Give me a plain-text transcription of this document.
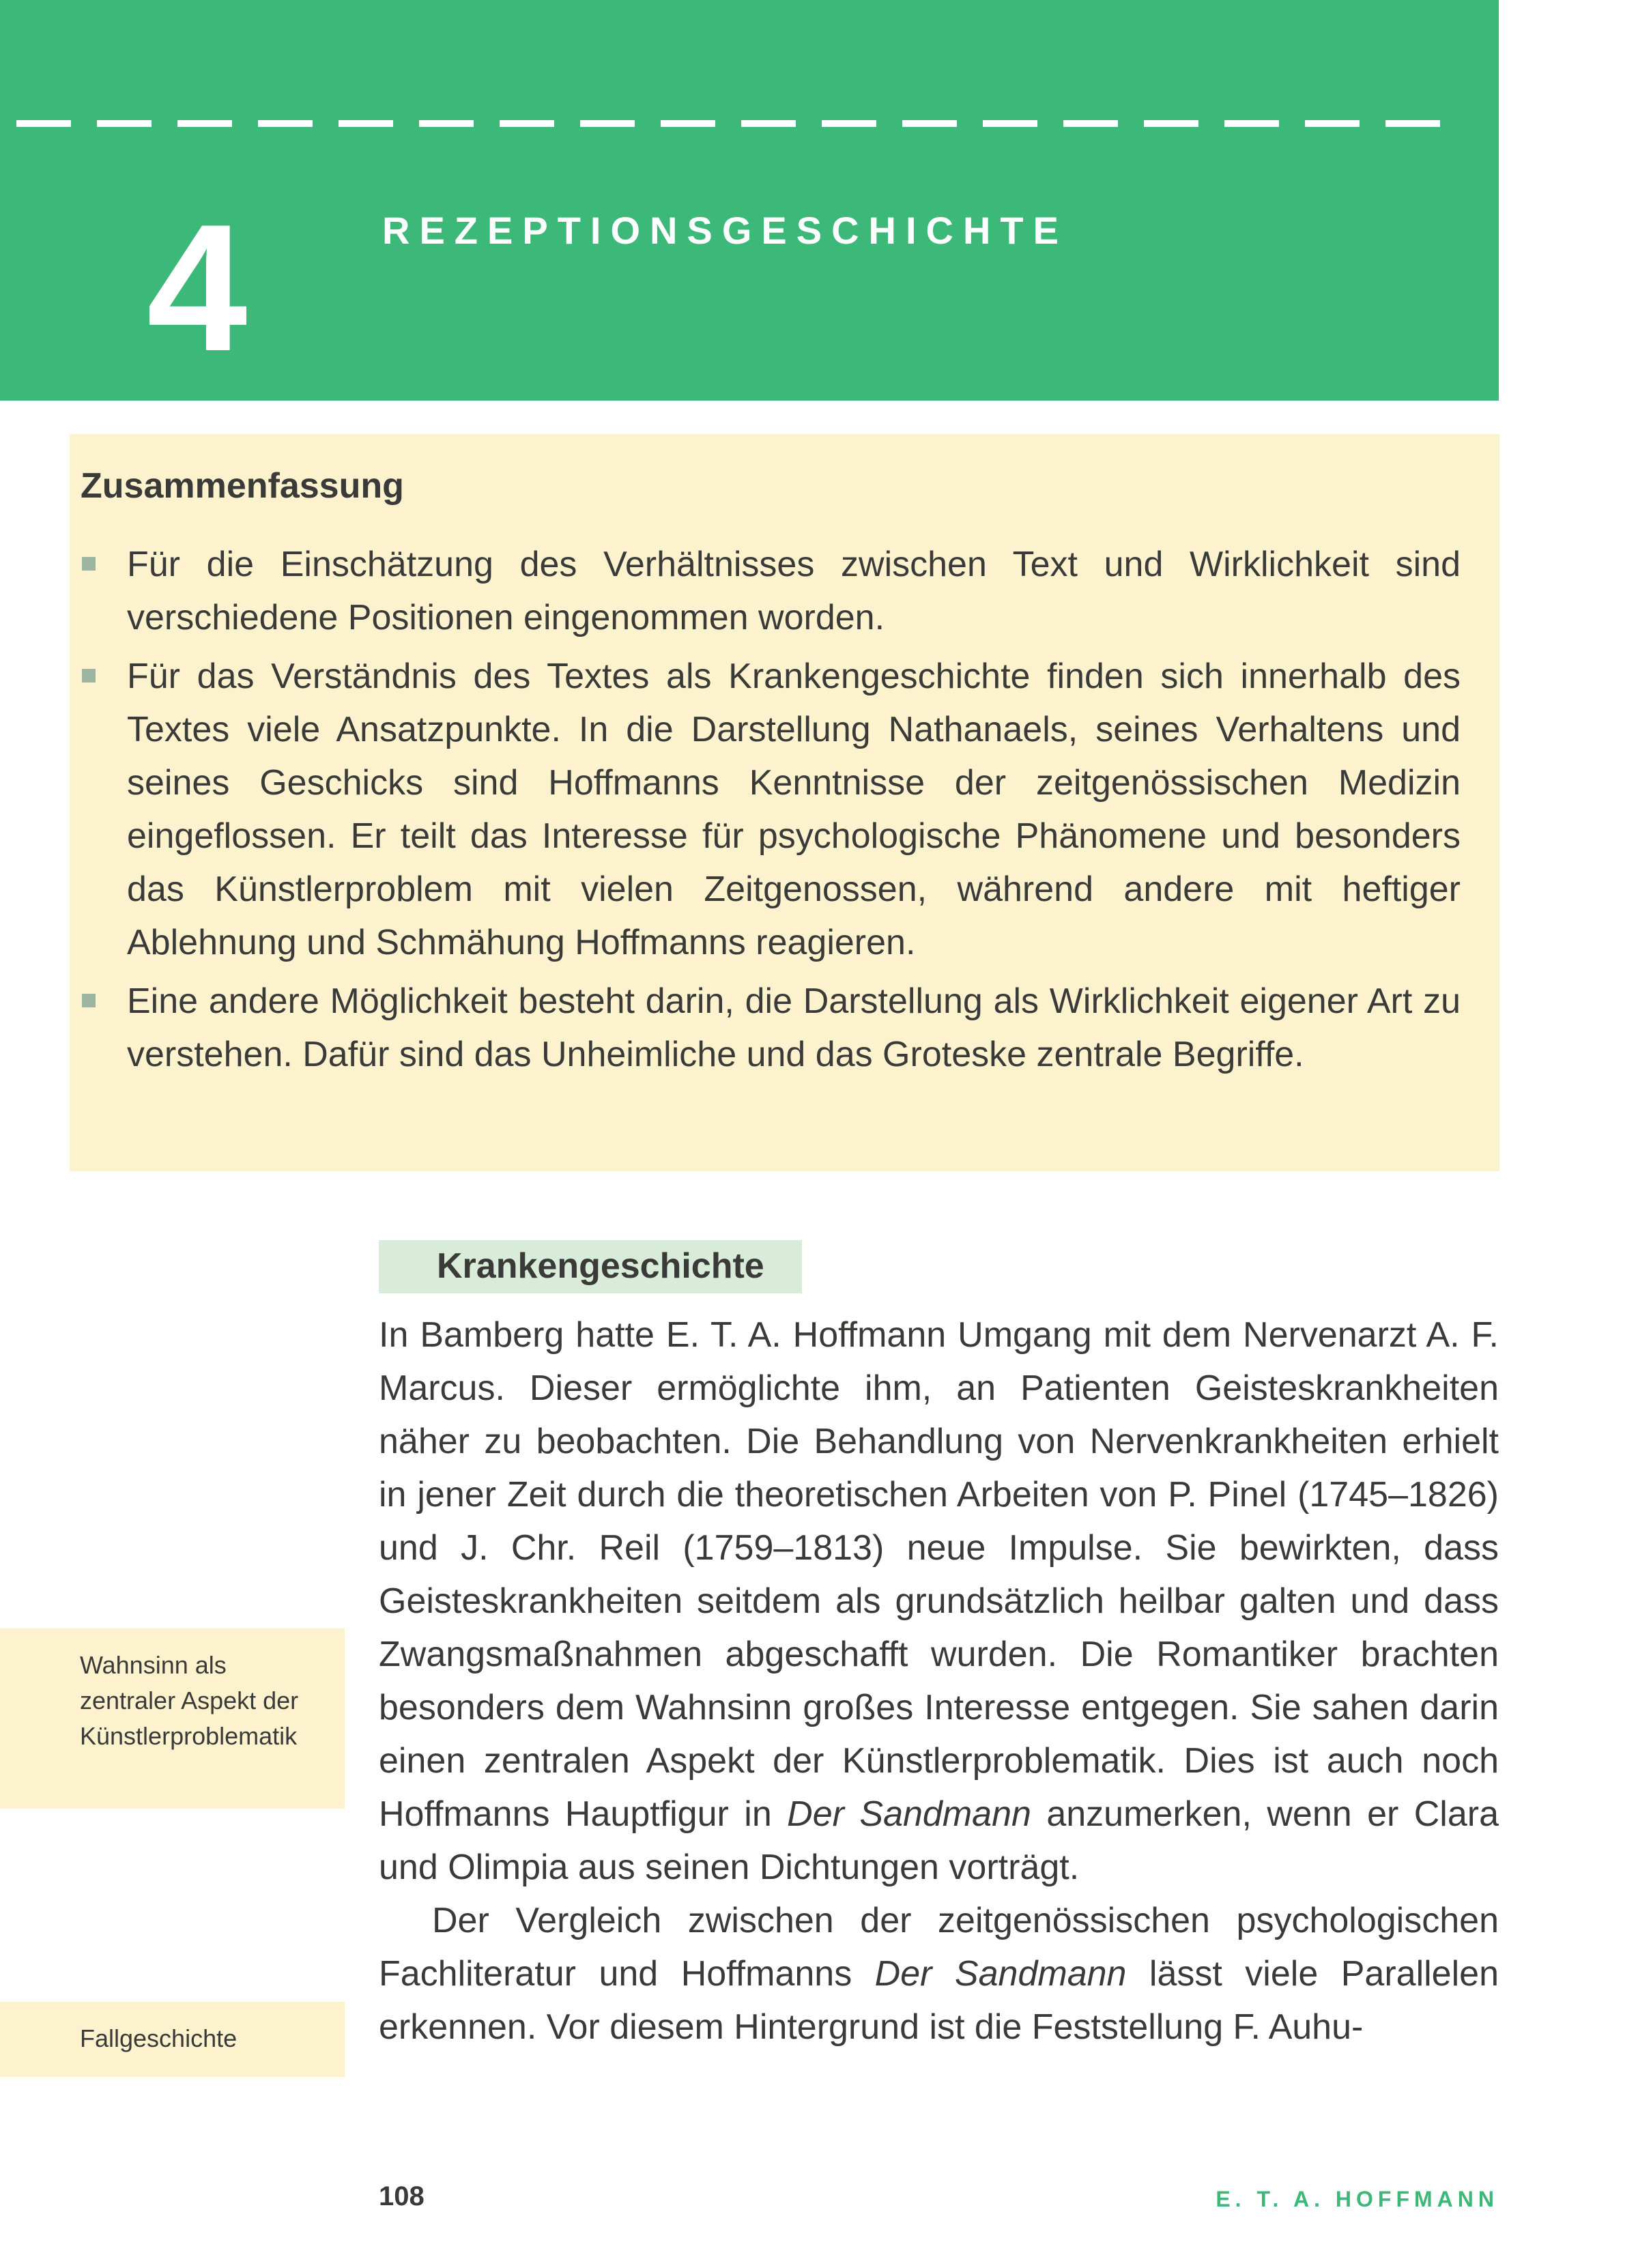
4	REZEPTIONSGESCHICHTE
Zusammenfassung
Für die Einschätzung des Verhältnisses zwischen Text und Wirklichkeit sind verschiedene Positionen eingenommen worden.
Für das Verständnis des Textes als Krankengeschichte finden sich innerhalb des Textes viele Ansatzpunkte. In die Darstellung Nathanaels, seines Verhaltens und seines Geschicks sind Hoffmanns Kenntnisse der zeitgenössischen Medizin eingeflossen. Er teilt das Interesse für psychologische Phänomene und besonders das Künstlerproblem mit vielen Zeitgenossen, während andere mit heftiger Ablehnung und Schmähung Hoffmanns reagieren.
Eine andere Möglichkeit besteht darin, die Darstellung als Wirklichkeit eigener Art zu verstehen. Dafür sind das Unheimliche und das Groteske zentrale Begriffe.
Krankengeschichte

In Bamberg hatte E. T. A. Hoffmann Umgang mit dem Nervenarzt A. F. Marcus. Dieser ermöglichte ihm, an Patienten Geisteskrankheiten näher zu beobachten. Die Behandlung von Nervenkrankheiten erhielt in jener Zeit durch die theoretischen Arbeiten von P. Pinel (1745–1826) und J. Chr. Reil (1759–1813) neue Impulse. Sie bewirkten, dass Geisteskrankheiten seitdem als grundsätzlich heilbar galten und dass Zwangsmaßnahmen abgeschafft wurden. Die Romantiker brachten besonders dem Wahnsinn großes Interesse entgegen. Sie sahen darin einen zentralen Aspekt der Künstlerproblematik. Dies ist auch noch Hoffmanns Hauptfigur in Der Sandmann anzumerken, wenn er Clara und Olimpia aus seinen Dichtungen vorträgt.

Der Vergleich zwischen der zeitgenössischen psychologischen Fachliteratur und Hoffmanns Der Sandmann lässt viele Parallelen erkennen. Vor diesem Hintergrund ist die Feststellung F. Auhu-

Wahnsinn als zentraler Aspekt der Künstlerproblematik
Fallgeschichte
108	E. T. A. HOFFMANN
